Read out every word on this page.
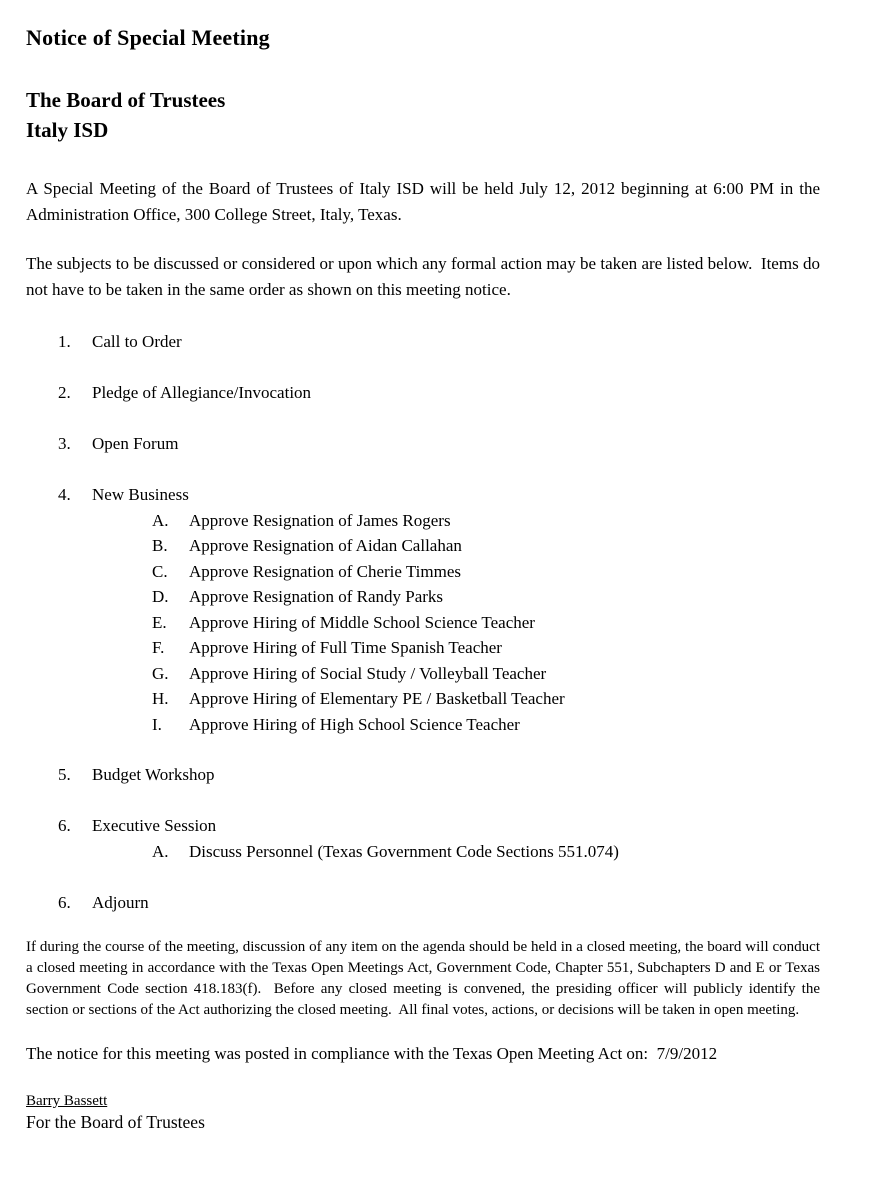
Notice of Special Meeting
The Board of Trustees
Italy ISD

A Special Meeting of the Board of Trustees of Italy ISD will be held July 12, 2012 beginning at 6:00 PM in the Administration Office, 300 College Street, Italy, Texas.

The subjects to be discussed or considered or upon which any formal action may be taken are listed below.  Items do not have to be taken in the same order as shown on this meeting notice.

1.	Call to Order
2.	Pledge of Allegiance/Invocation
3.	Open Forum
4.	New Business
A.	Approve Resignation of James Rogers
B.	Approve Resignation of Aidan Callahan
C.	Approve Resignation of Cherie Timmes
D.	Approve Resignation of Randy Parks
E.	Approve Hiring of Middle School Science Teacher
F.	Approve Hiring of Full Time Spanish Teacher
G.	Approve Hiring of Social Study / Volleyball Teacher
H.	Approve Hiring of Elementary PE / Basketball Teacher
I.	Approve Hiring of High School Science Teacher
5.	Budget Workshop
6.	Executive Session
A.	Discuss Personnel (Texas Government Code Sections 551.074)
6.	Adjourn

If during the course of the meeting, discussion of any item on the agenda should be held in a closed meeting, the board will conduct a closed meeting in accordance with the Texas Open Meetings Act, Government Code, Chapter 551, Subchapters D and E or Texas Government Code section 418.183(f).  Before any closed meeting is convened, the presiding officer will publicly identify the section or sections of the Act authorizing the closed meeting.  All final votes, actions, or decisions will be taken in open meeting.

The notice for this meeting was posted in compliance with the Texas Open Meeting Act on:  7/9/2012

Barry Bassett
For the Board of Trustees
